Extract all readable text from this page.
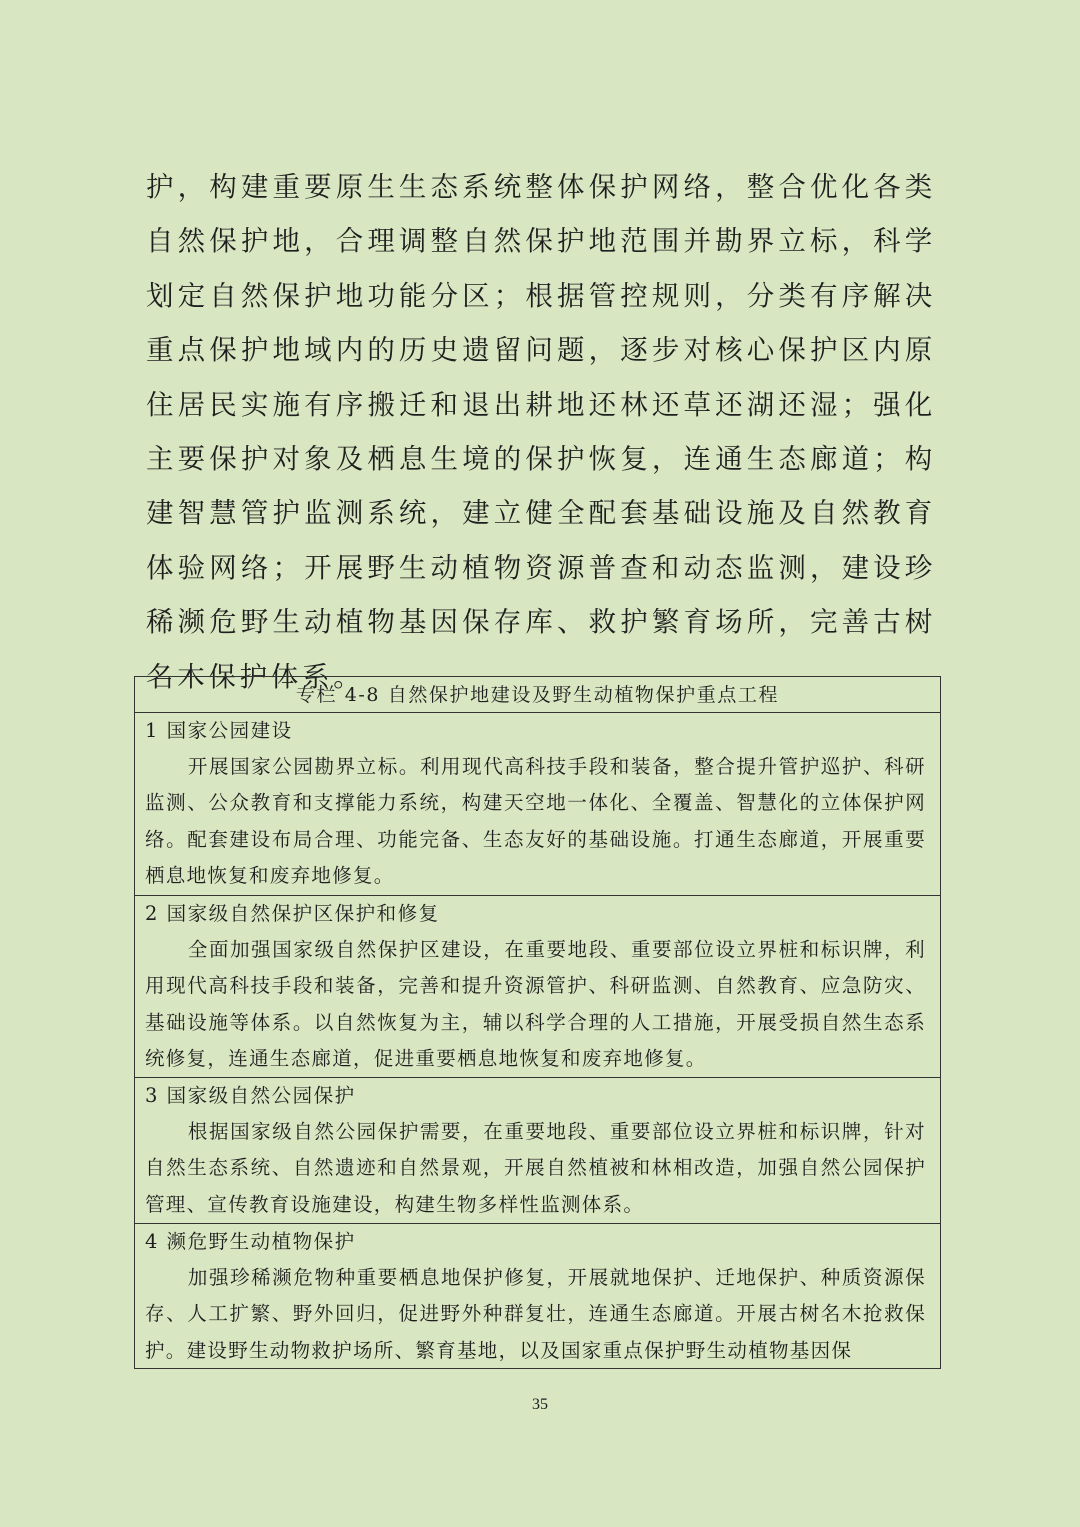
护，构建重要原生生态系统整体保护网络，整合优化各类自然保护地，合理调整自然保护地范围并勘界立标，科学划定自然保护地功能分区；根据管控规则，分类有序解决重点保护地域内的历史遗留问题，逐步对核心保护区内原住居民实施有序搬迁和退出耕地还林还草还湖还湿；强化主要保护对象及栖息生境的保护恢复，连通生态廊道；构建智慧管护监测系统，建立健全配套基础设施及自然教育体验网络；开展野生动植物资源普查和动态监测，建设珍稀濒危野生动植物基因保存库、救护繁育场所，完善古树名木保护体系。

专栏 4-8 自然保护地建设及野生动植物保护重点工程

1 国家公园建设

开展国家公园勘界立标。利用现代高科技手段和装备，整合提升管护巡护、科研监测、公众教育和支撑能力系统，构建天空地一体化、全覆盖、智慧化的立体保护网络。配套建设布局合理、功能完备、生态友好的基础设施。打通生态廊道，开展重要栖息地恢复和废弃地修复。

2 国家级自然保护区保护和修复

全面加强国家级自然保护区建设，在重要地段、重要部位设立界桩和标识牌，利用现代高科技手段和装备，完善和提升资源管护、科研监测、自然教育、应急防灾、基础设施等体系。以自然恢复为主，辅以科学合理的人工措施，开展受损自然生态系统修复，连通生态廊道，促进重要栖息地恢复和废弃地修复。

3 国家级自然公园保护

根据国家级自然公园保护需要，在重要地段、重要部位设立界桩和标识牌，针对自然生态系统、自然遗迹和自然景观，开展自然植被和林相改造，加强自然公园保护管理、宣传教育设施建设，构建生物多样性监测体系。

4 濒危野生动植物保护

加强珍稀濒危物种重要栖息地保护修复，开展就地保护、迁地保护、种质资源保存、人工扩繁、野外回归，促进野外种群复壮，连通生态廊道。开展古树名木抢救保护。建设野生动物救护场所、繁育基地，以及国家重点保护野生动植物基因保

35
